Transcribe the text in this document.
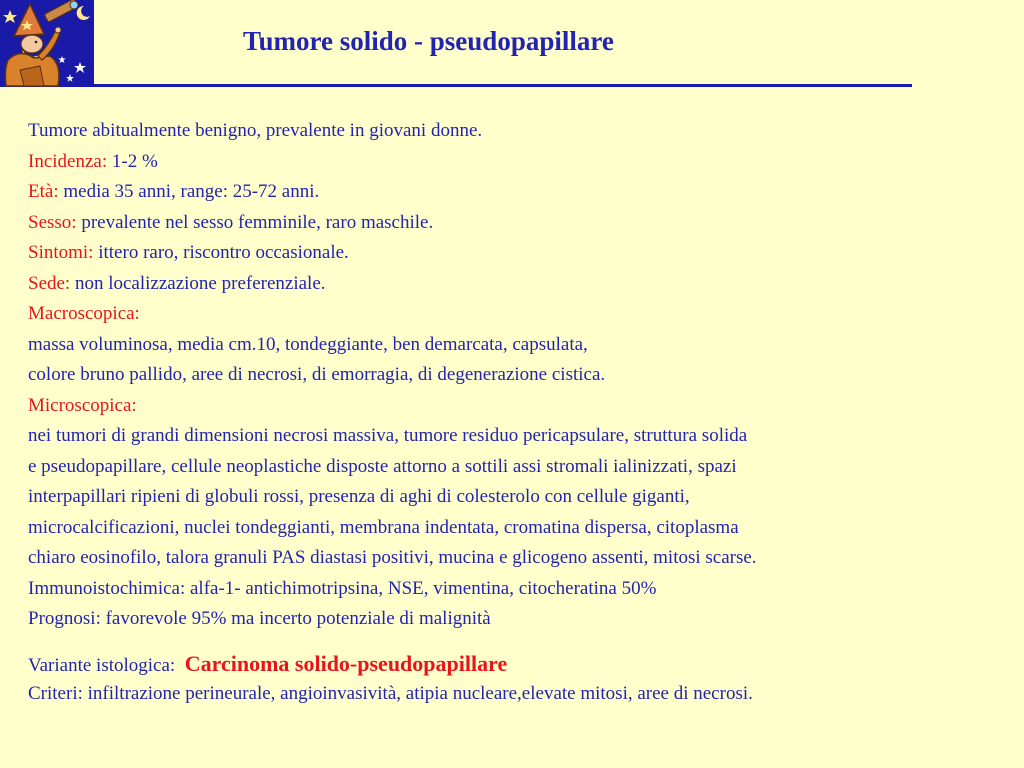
Tumore solido - pseudopapillare
Tumore abitualmente benigno, prevalente in giovani donne.
Incidenza: 1-2 %
Età: media 35 anni, range: 25-72 anni.
Sesso: prevalente nel sesso femminile, raro maschile.
Sintomi: ittero raro, riscontro occasionale.
Sede: non localizzazione preferenziale.
Macroscopica:
massa voluminosa, media cm.10, tondeggiante, ben demarcata, capsulata,
colore bruno pallido, aree di necrosi, di emorragia, di degenerazione cistica.
Microscopica:
nei tumori di grandi dimensioni necrosi massiva, tumore residuo pericapsulare, struttura solida
e pseudopapillare, cellule neoplastiche disposte attorno a sottili assi stromali ialinizzati, spazi
interpapillari ripieni di globuli rossi, presenza di aghi di colesterolo con cellule giganti,
microcalcificazioni, nuclei tondeggianti, membrana indentata, cromatina dispersa, citoplasma
chiaro eosinofilo, talora granuli PAS diastasi positivi, mucina e glicogeno assenti, mitosi scarse.
Immunoistochimica: alfa-1- antichimotripsina, NSE, vimentina, citocheratina 50%
Prognosi: favorevole 95% ma incerto potenziale di malignità
Variante istologica:  Carcinoma solido-pseudopapillare
Criteri: infiltrazione perineurale, angioinvasività, atipia nucleare,elevate mitosi, aree di necrosi.
